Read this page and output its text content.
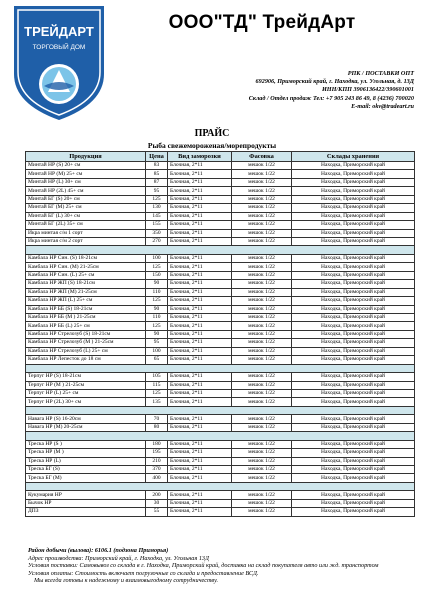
ТРЕЙДАРТ
ТОРГОВЫЙ ДОМ
ООО"ТД" ТрейдАрт
РПК / ПОСТАВКИ ОПТ
692906, Приморский край, г. Находка, ул. Угольная, д. 13Д
ИНН/КПП 3906136422/390601001
Склад / Отдел продаж Тел: +7 905 243 86 49, 8 (4236) 700020
E-mail: okv@tradeart.ru
ПРАЙС
Рыба свежемороженая/морепродукты
Продукция	Цена	Вид заморозки	Фасовка	Склады хранения
Минтай НР (S) 20+ см	83	Блочная, 2*11	мешок 1/22	Находка, Приморский край
Минтай НР (M) 25+ см	85	Блочная, 2*11	мешок 1/22	Находка, Приморский край
Минтай НР (L) 30+ см	87	Блочная, 2*11	мешок 1/22	Находка, Приморский край
Минтай НР (2L) 45+ см	95	Блочная, 2*11	мешок 1/22	Находка, Приморский край
Минтай БГ (S) 20+ см	125	Блочная, 2*11	мешок 1/22	Находка, Приморский край
Минтай БГ (M) 25+ см	130	Блочная, 2*11	мешок 1/22	Находка, Приморский край
Минтай БГ (L) 30+ см	145	Блочная, 2*11	мешок 1/22	Находка, Приморский край
Минтай БГ (2L) 35+ см	155	Блочная, 2*11	мешок 1/22	Находка, Приморский край
Икра минтая с/м 1 сорт	350	Блочная, 2*11	мешок 1/22	Находка, Приморский край
Икра минтая с/м 2 сорт	270	Блочная, 2*11	мешок 1/22	Находка, Приморский край

Камбала НР Син. (S) 18-21см	100	Блочная, 2*11	мешок 1/22	Находка, Приморский край
Камбала НР Син. (M) 21-25см	125	Блочная, 2*11	мешок 1/22	Находка, Приморский край
Камбала НР Син. (L) 25+ см	150	Блочная, 2*11	мешок 1/22	Находка, Приморский край
Камбала НР ЖП (S) 18-21см	90	Блочная, 2*11	мешок 1/22	Находка, Приморский край
Камбала НР ЖП (M) 21-25см	110	Блочная, 2*11	мешок 1/22	Находка, Приморский край
Камбала НР ЖП (L) 25+ см	125	Блочная, 2*11	мешок 1/22	Находка, Приморский край
Камбала НР ББ (S) 18-21см	90	Блочная, 2*11	мешок 1/22	Находка, Приморский край
Камбала НР ББ (M ) 21-25см	110	Блочная, 2*11	мешок 1/22	Находка, Приморский край
Камбала НР ББ (L) 25+ см	125	Блочная, 2*11	мешок 1/22	Находка, Приморский край
Камбала НР Стрелозуб (S) 18-21см	90	Блочная, 2*11	мешок 1/22	Находка, Приморский край
Камбала НР Стрелозуб (M ) 21-25см	95	Блочная, 2*11	мешок 1/22	Находка, Приморский край
Камбала НР Стрелозуб (L) 25+ см	100	Блочная, 2*11	мешок 1/22	Находка, Приморский край
Камбала НР Лепесток до 18 см	65	Блочная, 2*11	мешок 1/22	Находка, Приморский край

Терпуг НР (S) 18-21см	105	Блочная, 2*11	мешок 1/22	Находка, Приморский край
Терпуг НР (M ) 21-25см	115	Блочная, 2*11	мешок 1/22	Находка, Приморский край
Терпуг НР (L) 25+ см	125	Блочная, 2*11	мешок 1/22	Находка, Приморский край
Терпуг НР (2L) 30+ см	135	Блочная, 2*11	мешок 1/22	Находка, Приморский край

Навага НР (S) 16-20см	70	Блочная, 2*11	мешок 1/22	Находка, Приморский край
Навага НР (M) 20-25см	80	Блочная, 2*11	мешок 1/22	Находка, Приморский край

Треска НР (S )	180	Блочная, 2*11	мешок 1/22	Находка, Приморский край
Треска НР (M )	195	Блочная, 2*11	мешок 1/22	Находка, Приморский край
Треска НР (L)	210	Блочная, 2*11	мешок 1/22	Находка, Приморский край
Треска БГ (S)	370	Блочная, 2*11	мешок 1/22	Находка, Приморский край
Треска БГ (M)	400	Блочная, 2*11	мешок 1/22	Находка, Приморский край

Кукумария НР	200	Блочная, 2*11	мешок 1/22	Находка, Приморский край
Бычок НР	30	Блочная, 2*11	мешок 1/22	Находка, Приморский край
ДПЗ	55	Блочная, 2*11	мешок 1/22	Находка, Приморский край
Район добычи (вылова): 6106.1 (подзона Приморья)
Адрес производства: Приморский край, г. Находка, ул. Угольная 13Д
Условия поставки: Самовывоз со склада в г. Находка, Приморский край, доставка на склад покупателя авто или жд. транспортом
Условия оплаты: Стоимость включает погрузочные со склада и предоставление ВСД.
Мы всегда готовы к надежному и взаимовыгодному сотрудничеству.
